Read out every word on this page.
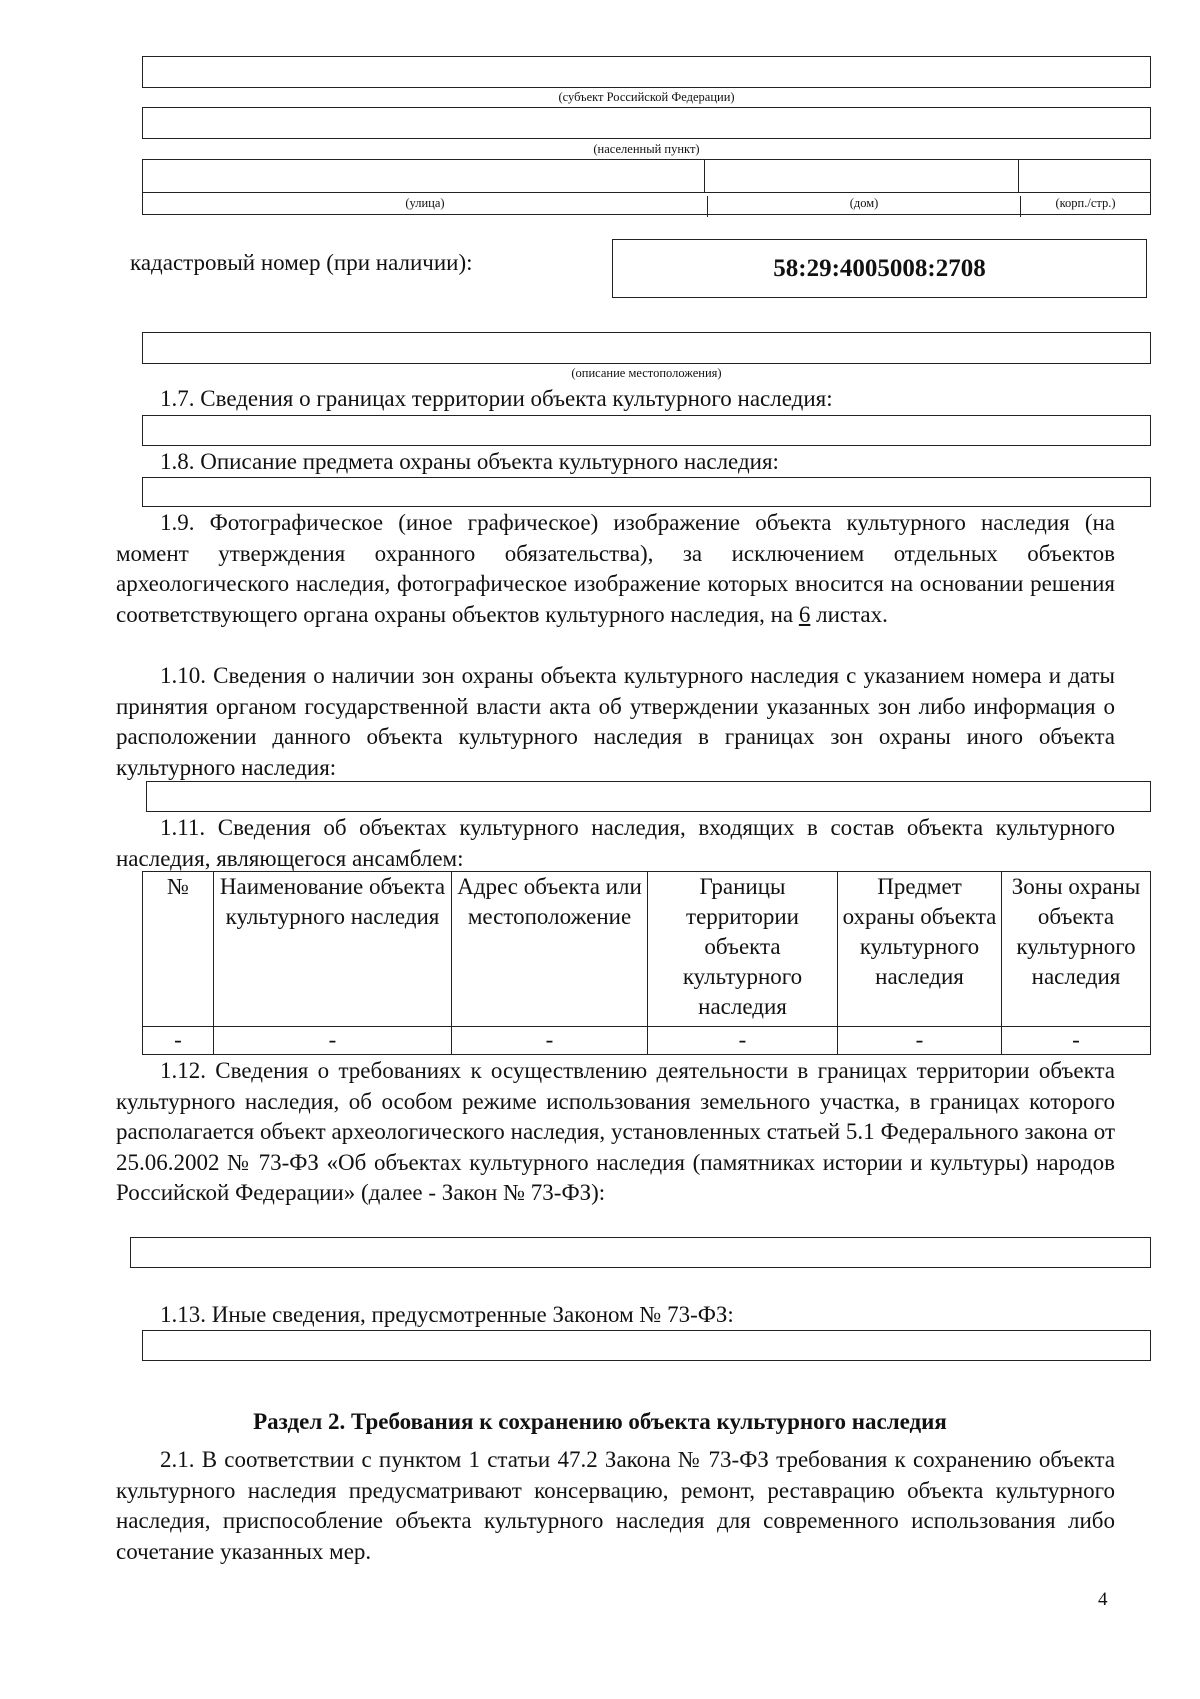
(субъект Российской Федерации)
(населенный пункт)
(улица)	(дом)	(корп./стр.)
кадастровый номер (при наличии):	58:29:4005008:2708
(описание местоположения)
1.7. Сведения о границах территории объекта культурного наследия:
1.8. Описание предмета охраны объекта культурного наследия:
1.9. Фотографическое (иное графическое) изображение объекта культурного наследия (на момент утверждения охранного обязательства), за исключением отдельных объектов археологического наследия, фотографическое изображение которых вносится на основании решения соответствующего органа охраны объектов культурного наследия, на 6 листах.
1.10. Сведения о наличии зон охраны объекта культурного наследия с указанием номера и даты принятия органом государственной власти акта об утверждении указанных зон либо информация о расположении данного объекта культурного наследия в границах зон охраны иного объекта культурного наследия:
1.11. Сведения об объектах культурного наследия, входящих в состав объекта культурного наследия, являющегося ансамблем:
№	Наименование объекта культурного наследия	Адрес объекта или местоположение	Границы территории объекта культурного наследия	Предмет охраны объекта культурного наследия	Зоны охраны объекта культурного наследия
-	-	-	-	-	-
1.12. Сведения о требованиях к осуществлению деятельности в границах территории объекта культурного наследия, об особом режиме использования земельного участка, в границах которого располагается объект археологического наследия, установленных статьей 5.1 Федерального закона от 25.06.2002 № 73-ФЗ «Об объектах культурного наследия (памятниках истории и культуры) народов Российской Федерации» (далее - Закон № 73-ФЗ):
1.13. Иные сведения, предусмотренные Законом № 73-ФЗ:
Раздел 2. Требования к сохранению объекта культурного наследия
2.1. В соответствии с пунктом 1 статьи 47.2 Закона № 73-ФЗ требования к сохранению объекта культурного наследия предусматривают консервацию, ремонт, реставрацию объекта культурного наследия, приспособление объекта культурного наследия для современного использования либо сочетание указанных мер.
4
